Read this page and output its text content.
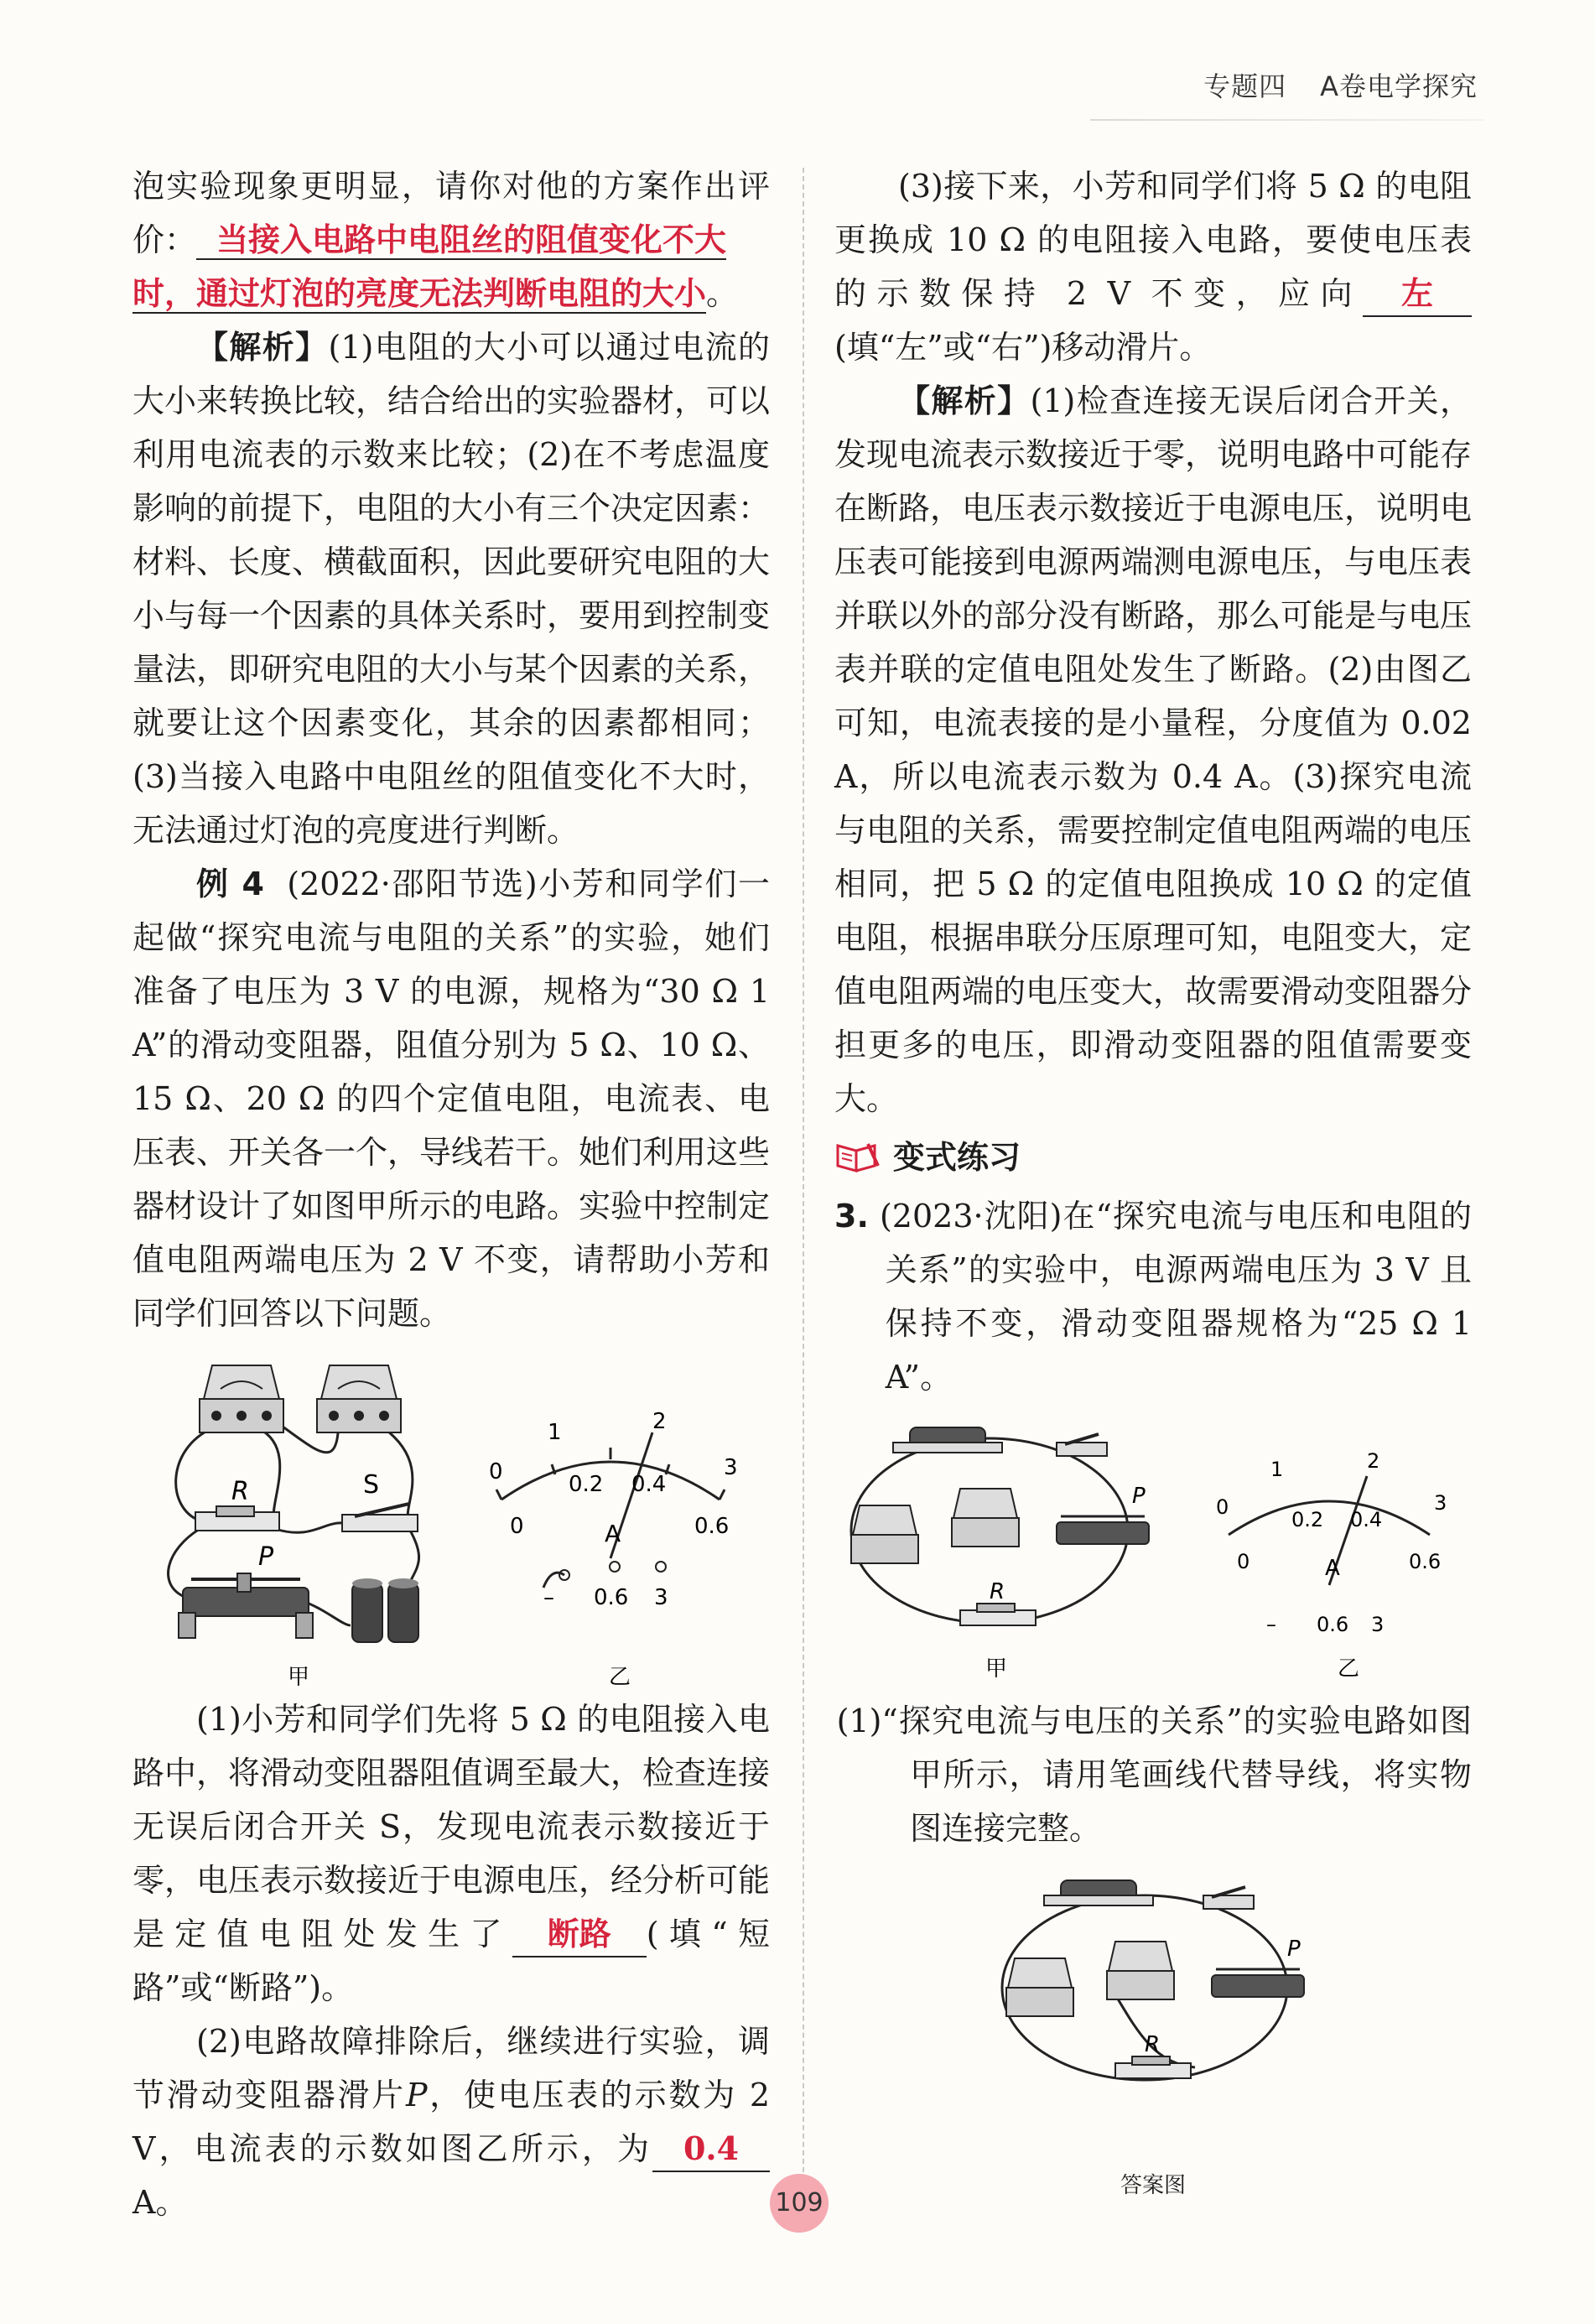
专题四 A卷电学探究

泡实验现象更明显，请你对他的方案作出评价： 当接入电路中电阻丝的阻值变化不大

时，通过灯泡的亮度无法判断电阻的大小。

【解析】(1)电阻的大小可以通过电流的大小来转换比较，结合给出的实验器材，可以利用电流表的示数来比较；(2)在不考虑温度影响的前提下，电阻的大小有三个决定因素：材料、长度、横截面积，因此要研究电阻的大小与每一个因素的具体关系时，要用到控制变量法，即研究电阻的大小与某个因素的关系，就要让这个因素变化，其余的因素都相同；(3)当接入电路中电阻丝的阻值变化不大时，无法通过灯泡的亮度进行判断。

例 4 (2022·邵阳节选)小芳和同学们一起做“探究电流与电阻的关系”的实验，她们准备了电压为 3 V 的电源，规格为“30 Ω 1 A”的滑动变阻器，阻值分别为 5 Ω、10 Ω、15 Ω、20 Ω 的四个定值电阻，电流表、电压表、开关各一个，导线若干。她们利用这些器材设计了如图甲所示的电路。实验中控制定值电阻两端电压为 2 V 不变，请帮助小芳和同学们回答以下问题。

R	S
P
甲
0
1	2
3
0
0.2 0.4
0.6
A
– 0.6 3
乙

(1)小芳和同学们先将 5 Ω 的电阻接入电路中，将滑动变阻器阻值调至最大，检查连接无误后闭合开关 S，发现电流表示数接近于零，电压表示数接近于电源电压，经分析可能是定值电阻处发生了 断路 (填“短路”或“断路”)。

(2)电路故障排除后，继续进行实验，调节滑动变阻器滑片P，使电压表的示数为 2 V，电流表的示数如图乙所示，为 0.4A。

(3)接下来，小芳和同学们将 5 Ω 的电阻更换成 10 Ω 的电阻接入电路，要使电压表的示数保持 2 V 不变，应向 左(填“左”或“右”)移动滑片。

【解析】(1)检查连接无误后闭合开关，发现电流表示数接近于零，说明电路中可能存在断路，电压表示数接近于电源电压，说明电压表可能接到电源两端测电源电压，与电压表并联以外的部分没有断路，那么可能是与电压表并联的定值电阻处发生了断路。(2)由图乙可知，电流表接的是小量程，分度值为 0.02 A，所以电流表示数为 0.4 A。(3)探究电流与电阻的关系，需要控制定值电阻两端的电压相同，把 5 Ω 的定值电阻换成 10 Ω 的定值电阻，根据串联分压原理可知，电阻变大，定值电阻两端的电压变大，故需要滑动变阻器分担更多的电压，即滑动变阻器的阻值需要变大。

变式练习

3. (2023·沈阳)在“探究电流与电压和电阻的关系”的实验中，电源两端电压为 3 V 且保持不变，滑动变阻器规格为“25 Ω 1 A”。

P
R
甲
0
1	2
3
0
0.2 0.4
0.6
A
– 0.6 3
乙

(1)“探究电流与电压的关系”的实验电路如图甲所示，请用笔画线代替导线，将实物图连接完整。

P
R
答案图
109
